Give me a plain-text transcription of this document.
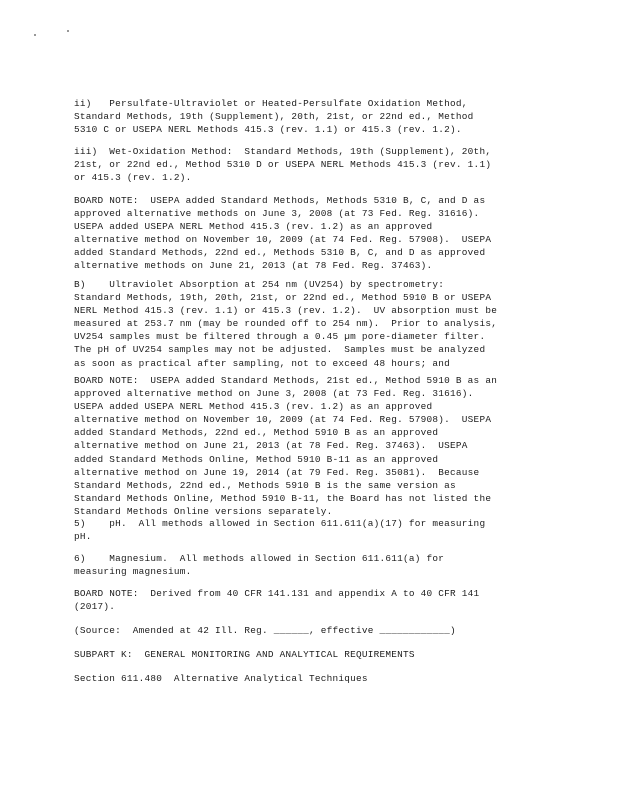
ii)   Persulfate-Ultraviolet or Heated-Persulfate Oxidation Method,
Standard Methods, 19th (Supplement), 20th, 21st, or 22nd ed., Method
5310 C or USEPA NERL Methods 415.3 (rev. 1.1) or 415.3 (rev. 1.2).
iii)  Wet-Oxidation Method:  Standard Methods, 19th (Supplement), 20th,
21st, or 22nd ed., Method 5310 D or USEPA NERL Methods 415.3 (rev. 1.1)
or 415.3 (rev. 1.2).
BOARD NOTE:  USEPA added Standard Methods, Methods 5310 B, C, and D as
approved alternative methods on June 3, 2008 (at 73 Fed. Reg. 31616).
USEPA added USEPA NERL Method 415.3 (rev. 1.2) as an approved
alternative method on November 10, 2009 (at 74 Fed. Reg. 57908).  USEPA
added Standard Methods, 22nd ed., Methods 5310 B, C, and D as approved
alternative methods on June 21, 2013 (at 78 Fed. Reg. 37463).
B)    Ultraviolet Absorption at 254 nm (UV254) by spectrometry:
Standard Methods, 19th, 20th, 21st, or 22nd ed., Method 5910 B or USEPA
NERL Method 415.3 (rev. 1.1) or 415.3 (rev. 1.2).  UV absorption must be
measured at 253.7 nm (may be rounded off to 254 nm).  Prior to analysis,
UV254 samples must be filtered through a 0.45 µm pore-diameter filter.
The pH of UV254 samples may not be adjusted.  Samples must be analyzed
as soon as practical after sampling, not to exceed 48 hours; and
BOARD NOTE:  USEPA added Standard Methods, 21st ed., Method 5910 B as an
approved alternative method on June 3, 2008 (at 73 Fed. Reg. 31616).
USEPA added USEPA NERL Method 415.3 (rev. 1.2) as an approved
alternative method on November 10, 2009 (at 74 Fed. Reg. 57908).  USEPA
added Standard Methods, 22nd ed., Method 5910 B as an approved
alternative method on June 21, 2013 (at 78 Fed. Reg. 37463).  USEPA
added Standard Methods Online, Method 5910 B-11 as an approved
alternative method on June 19, 2014 (at 79 Fed. Reg. 35081).  Because
Standard Methods, 22nd ed., Methods 5910 B is the same version as
Standard Methods Online, Method 5910 B-11, the Board has not listed the
Standard Methods Online versions separately.
5)    pH.  All methods allowed in Section 611.611(a)(17) for measuring
pH.
6)    Magnesium.  All methods allowed in Section 611.611(a) for
measuring magnesium.
BOARD NOTE:  Derived from 40 CFR 141.131 and appendix A to 40 CFR 141
(2017).
(Source:  Amended at 42 Ill. Reg. ______, effective ____________)
SUBPART K:  GENERAL MONITORING AND ANALYTICAL REQUIREMENTS
Section 611.480  Alternative Analytical Techniques
